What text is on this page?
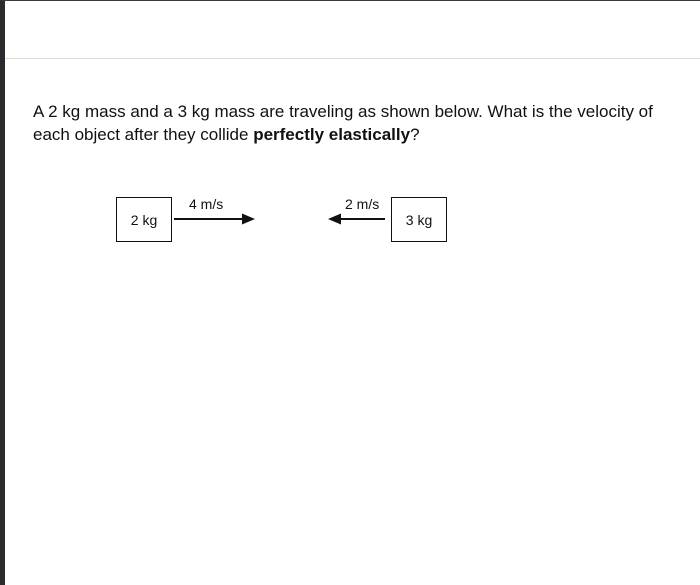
A 2 kg mass and a 3 kg mass are traveling as shown below. What is the velocity of each object after they collide perfectly elastically?
2 kg
4 m/s	2 m/s
3 kg
